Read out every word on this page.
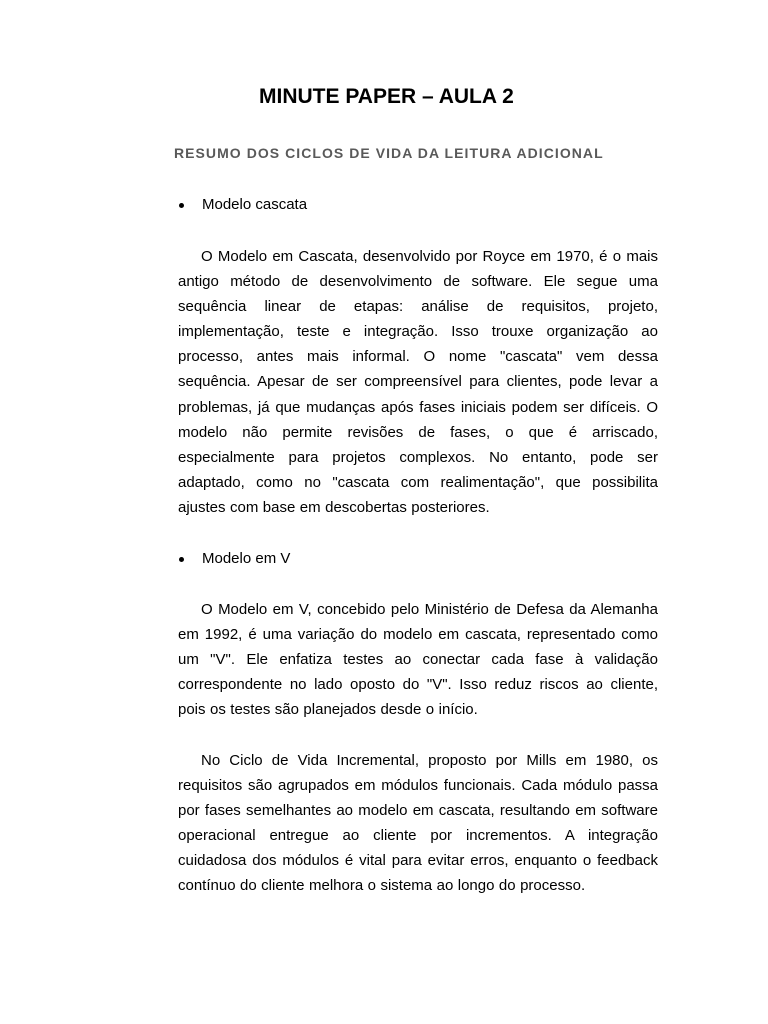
MINUTE PAPER – AULA 2
RESUMO DOS CICLOS DE VIDA DA LEITURA ADICIONAL
Modelo cascata

O Modelo em Cascata, desenvolvido por Royce em 1970, é o mais antigo método de desenvolvimento de software. Ele segue uma sequência linear de etapas: análise de requisitos, projeto, implementação, teste e integração. Isso trouxe organização ao processo, antes mais informal. O nome "cascata" vem dessa sequência. Apesar de ser compreensível para clientes, pode levar a problemas, já que mudanças após fases iniciais podem ser difíceis. O modelo não permite revisões de fases, o que é arriscado, especialmente para projetos complexos. No entanto, pode ser adaptado, como no "cascata com realimentação", que possibilita ajustes com base em descobertas posteriores.

Modelo em V

O Modelo em V, concebido pelo Ministério de Defesa da Alemanha em 1992, é uma variação do modelo em cascata, representado como um "V". Ele enfatiza testes ao conectar cada fase à validação correspondente no lado oposto do "V". Isso reduz riscos ao cliente, pois os testes são planejados desde o início.

No Ciclo de Vida Incremental, proposto por Mills em 1980, os requisitos são agrupados em módulos funcionais. Cada módulo passa por fases semelhantes ao modelo em cascata, resultando em software operacional entregue ao cliente por incrementos. A integração cuidadosa dos módulos é vital para evitar erros, enquanto o feedback contínuo do cliente melhora o sistema ao longo do processo.
